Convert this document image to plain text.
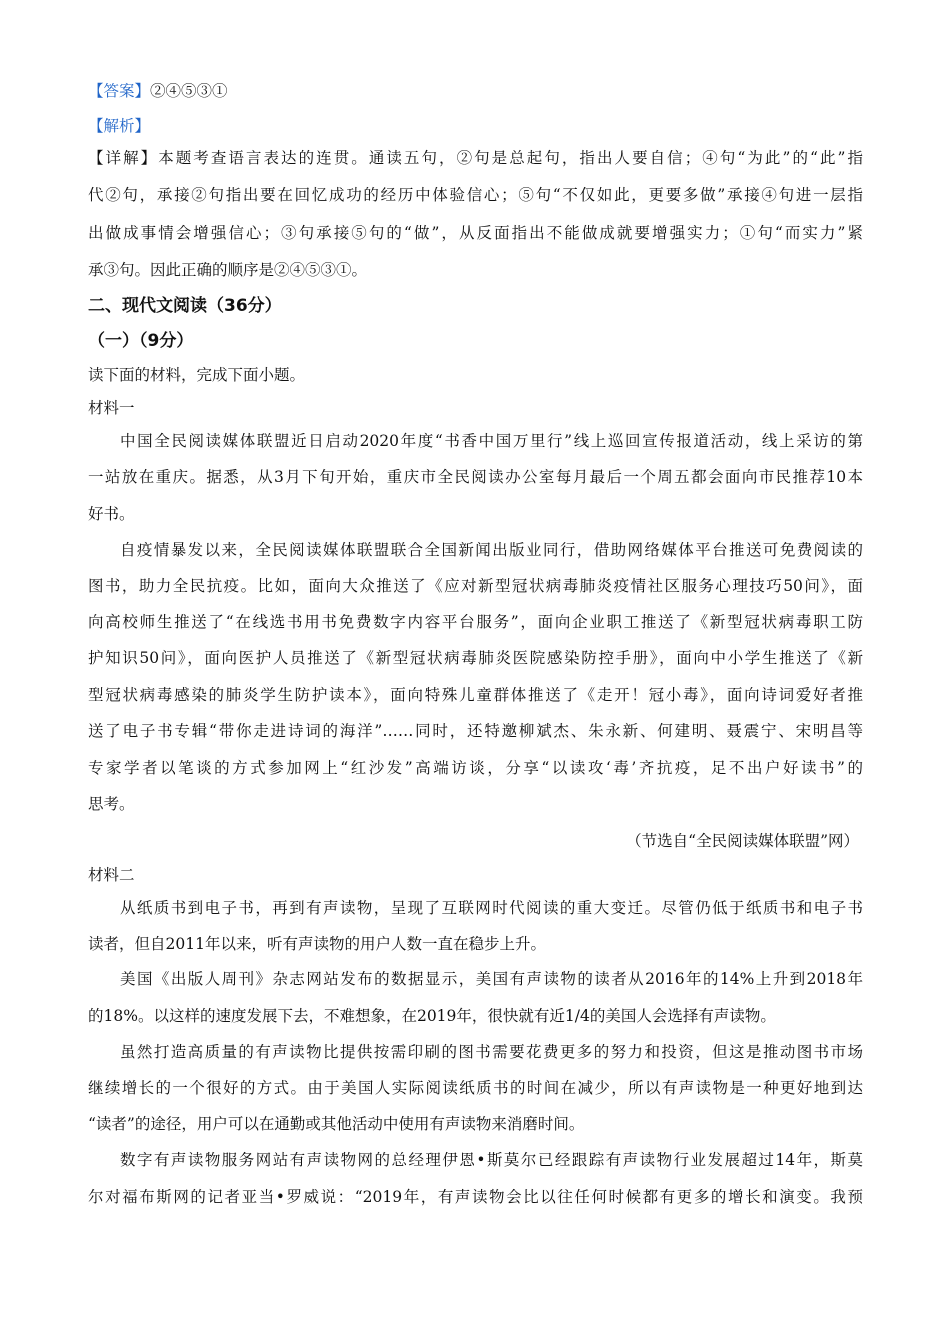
【答案】②④⑤③①
【解析】
【详解】本题考查语言表达的连贯。通读五句，②句是总起句，指出人要自信；④句“为此”的“此”指
代②句，承接②句指出要在回忆成功的经历中体验信心；⑤句“不仅如此，更要多做”承接④句进一层指
出做成事情会增强信心；③句承接⑤句的“做”，从反面指出不能做成就要增强实力；①句“而实力”紧
承③句。因此正确的顺序是②④⑤③①。
二、现代文阅读（36分）
（一）（9分）
读下面的材料，完成下面小题。
材料一
中国全民阅读媒体联盟近日启动2020年度“书香中国万里行”线上巡回宣传报道活动，线上采访的第
一站放在重庆。据悉，从3月下旬开始，重庆市全民阅读办公室每月最后一个周五都会面向市民推荐10本
好书。
自疫情暴发以来，全民阅读媒体联盟联合全国新闻出版业同行，借助网络媒体平台推送可免费阅读的
图书，助力全民抗疫。比如，面向大众推送了《应对新型冠状病毒肺炎疫情社区服务心理技巧50问》，面
向高校师生推送了“在线选书用书免费数字内容平台服务”，面向企业职工推送了《新型冠状病毒职工防
护知识50问》，面向医护人员推送了《新型冠状病毒肺炎医院感染防控手册》，面向中小学生推送了《新
型冠状病毒感染的肺炎学生防护读本》，面向特殊儿童群体推送了《走开！冠小毒》，面向诗词爱好者推
送了电子书专辑“带你走进诗词的海洋”……同时，还特邀柳斌杰、朱永新、何建明、聂震宁、宋明昌等
专家学者以笔谈的方式参加网上“红沙发”高端访谈，分享“以读攻‘毒’齐抗疫，足不出户好读书”的
思考。
（节选自“全民阅读媒体联盟”网）
材料二
从纸质书到电子书，再到有声读物，呈现了互联网时代阅读的重大变迁。尽管仍低于纸质书和电子书
读者，但自2011年以来，听有声读物的用户人数一直在稳步上升。
美国《出版人周刊》杂志网站发布的数据显示，美国有声读物的读者从2016年的14%上升到2018年
的18%。以这样的速度发展下去，不难想象，在2019年，很快就有近1/4的美国人会选择有声读物。
虽然打造高质量的有声读物比提供按需印刷的图书需要花费更多的努力和投资，但这是推动图书市场
继续增长的一个很好的方式。由于美国人实际阅读纸质书的时间在减少，所以有声读物是一种更好地到达
“读者”的途径，用户可以在通勤或其他活动中使用有声读物来消磨时间。
数字有声读物服务网站有声读物网的总经理伊恩•斯莫尔已经跟踪有声读物行业发展超过14年，斯莫
尔对福布斯网的记者亚当•罗威说：“2019年，有声读物会比以往任何时候都有更多的增长和演变。我预
